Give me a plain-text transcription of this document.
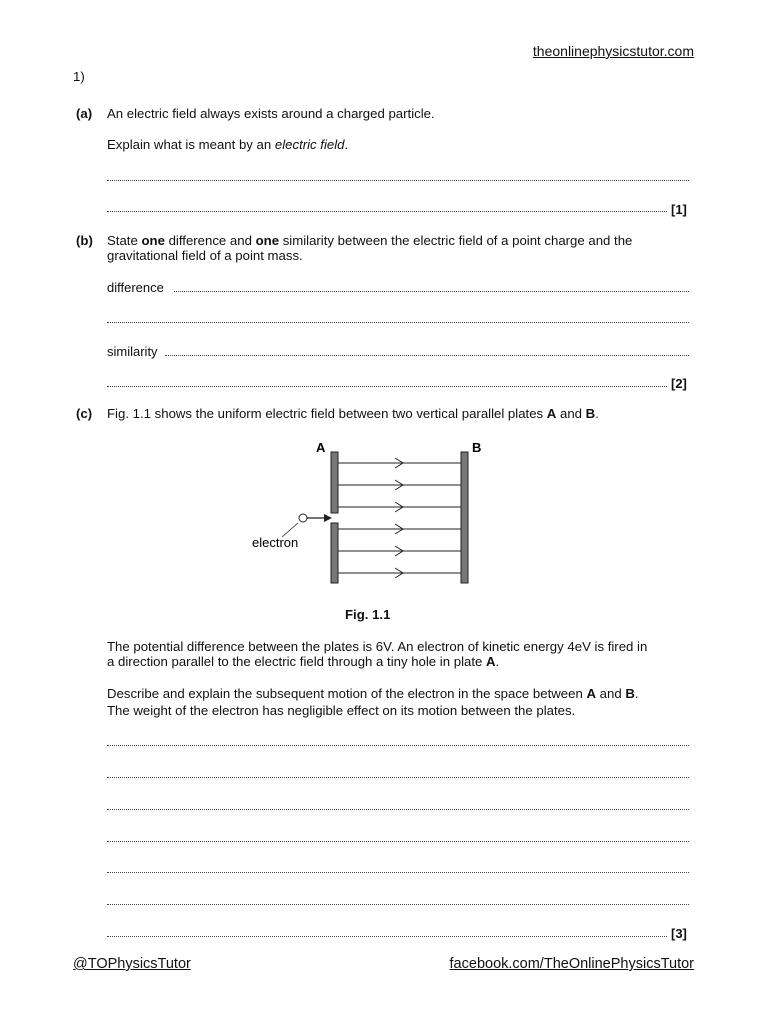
theonlinephysicstutor.com
1)
(a) An electric field always exists around a charged particle.
Explain what is meant by an electric field.
[1]
(b) State one difference and one similarity between the electric field of a point charge and the
gravitational field of a point mass.
difference
similarity
[2]
(c) Fig. 1.1 shows the uniform electric field between two vertical parallel plates A and B.
A	B
electron
Fig. 1.1
The potential difference between the plates is 6V. An electron of kinetic energy 4eV is fired in
a direction parallel to the electric field through a tiny hole in plate A.
Describe and explain the subsequent motion of the electron in the space between A and B.
The weight of the electron has negligible effect on its motion between the plates.
[3]
@TOPhysicsTutor	facebook.com/TheOnlinePhysicsTutor
